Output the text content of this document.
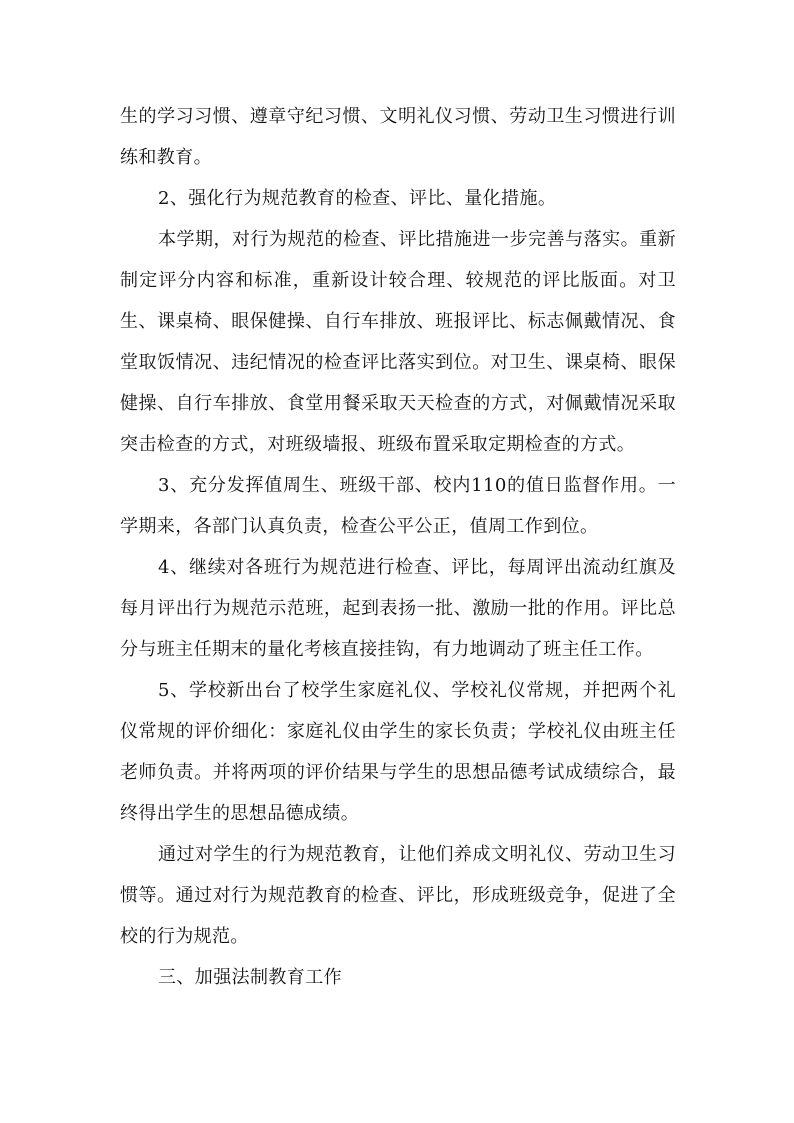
生的学习习惯、遵章守纪习惯、文明礼仪习惯、劳动卫生习惯进行训练和教育。

2、强化行为规范教育的检查、评比、量化措施。

本学期，对行为规范的检查、评比措施进一步完善与落实。重新制定评分内容和标准，重新设计较合理、较规范的评比版面。对卫生、课桌椅、眼保健操、自行车排放、班报评比、标志佩戴情况、食堂取饭情况、违纪情况的检查评比落实到位。对卫生、课桌椅、眼保健操、自行车排放、食堂用餐采取天天检查的方式，对佩戴情况采取突击检查的方式，对班级墙报、班级布置采取定期检查的方式。

3、充分发挥值周生、班级干部、校内110的值日监督作用。一学期来，各部门认真负责，检查公平公正，值周工作到位。

4、继续对各班行为规范进行检查、评比，每周评出流动红旗及每月评出行为规范示范班，起到表扬一批、激励一批的作用。评比总分与班主任期末的量化考核直接挂钩，有力地调动了班主任工作。

5、学校新出台了校学生家庭礼仪、学校礼仪常规，并把两个礼仪常规的评价细化：家庭礼仪由学生的家长负责；学校礼仪由班主任老师负责。并将两项的评价结果与学生的思想品德考试成绩综合，最终得出学生的思想品德成绩。

通过对学生的行为规范教育，让他们养成文明礼仪、劳动卫生习惯等。通过对行为规范教育的检查、评比，形成班级竞争，促进了全校的行为规范。

三、加强法制教育工作
